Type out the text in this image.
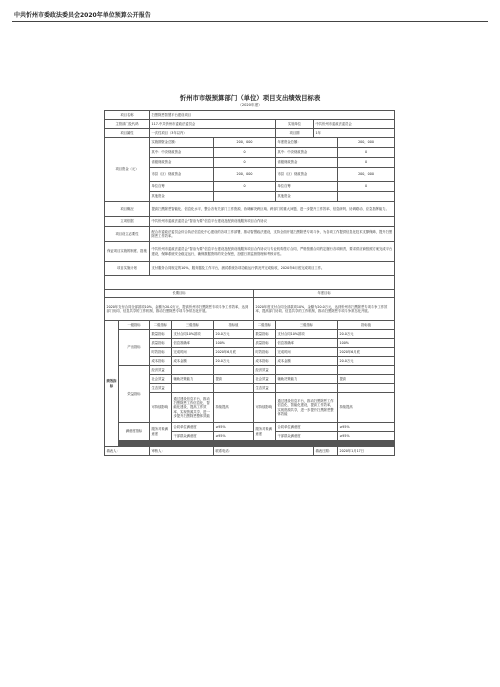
中共忻州市委政法委员会2020年单位预算公开报告
忻州市市级预算部门（单位）项目支出绩效目标表
（2020年度）
项目名称		扫黑除恶智慧平台建设项目						
主管部门及代码		117-中共忻州市委政法委员会				实施单位	中共忻州市委政法委员会	
项目属性		一次性项目（3年以内）				项目期	1年	
项目资金（元）		实施期资金总额：		200，000		年度资金总额：		200，000
		其中：中央财政资金		0		其中：中央财政资金		0
		省级财政资金		0		省级财政资金		0
		市县（区）财政资金		200，000		市县（区）财政资金		200，000
		单位自筹		0		单位自筹		0
		其他资金				其他资金		
项目概况		提高扫黑除恶智能化、信息化水平，整合各有关部门工作资源，协调解决跨区域、跨部门的重大问题，进一步提升工作效率、信息研判、协调联动、应急指挥能力。						
立项依据		中共忻州市委政法委员会“智治为要”信息平台建设及配套设施服务项目合作协议						
项目设立必要性		配合市委政法委员会综合执法信息化中心建设的各项工作部署，推动智慧政法建设，支持全面开展扫黑除恶专项斗争，为各项工作提供信息化技术支撑保障，提升扫黑除恶工作效率。						
保证项目实施的制度、措施		中共忻州市委政法委员会“智治为要”信息平台建设及配套设施服务项目合作协议与专业机构签订合同，严格按照合同约定履行各项职责，要求供应商按照方案完成平台建设，保障系统安全稳定运行，确保数据资料的安全保密，加强日常监督管理和考核评估。						
项目实施计划		支付服务合同规定的10%，服务器及工作平台，测试系统各项功能运行情况并完成验收，2020年6月底完成项目工作。						

长期目标					年度目标			
2020年支付合同全部款项10%，金额为20.0万元，提高忻州市扫黑除恶专项斗争工作效率，达到部门协同、信息共享的工作机制，推动扫黑除恶专项斗争常态化开展。					2020年度支付合同全部款项10%，金额为20.0万元，达到忻州市扫黑除恶专项斗争工作效率，提高部门协同、信息共享的工作机制，推动扫黑除恶专项斗争常态化开展。			
绩效指标	一级指标	二级指标	三级指标	指标值	二级指标	三级指标		指标值
	产出指标	数量指标	支付合同10%款项	20.0万元	数量指标	支付合同10%款项		20.0万元
		质量指标	信息准确率	100%	质量指标	信息准确率		100%
		时效指标	完成时间	2020年6月底	时效指标	完成时间		2020年6月底
		成本指标	成本金额	20.0万元	成本指标	成本金额		20.0万元
	效益指标	经济效益			经济效益			
		社会效益	辅助决策能力	提高	社会效益	辅助决策能力		提高
		生态效益			生态效益			
		可持续影响	通过建设信息平台，推动扫黑除恶工作信息化、智能化建设，提高工作效率，实现资源共享，进一步提升扫黑除恶整体效能	持续提高	可持续影响	通过建设信息平台，推动扫黑除恶工作信息化、智能化建设，提高工作效率，实现资源共享，进一步提升扫黑除恶整体效能		持续提高
	满意度指标	服务对象满意度	合同单位满意度	≥95%	服务对象满意度	合同单位满意度		≥95%
			干部群众满意度	≥95%		干部群众满意度		≥95%

填表人：		审核人：		联系电话：			填表日期：	2020年1月17日
